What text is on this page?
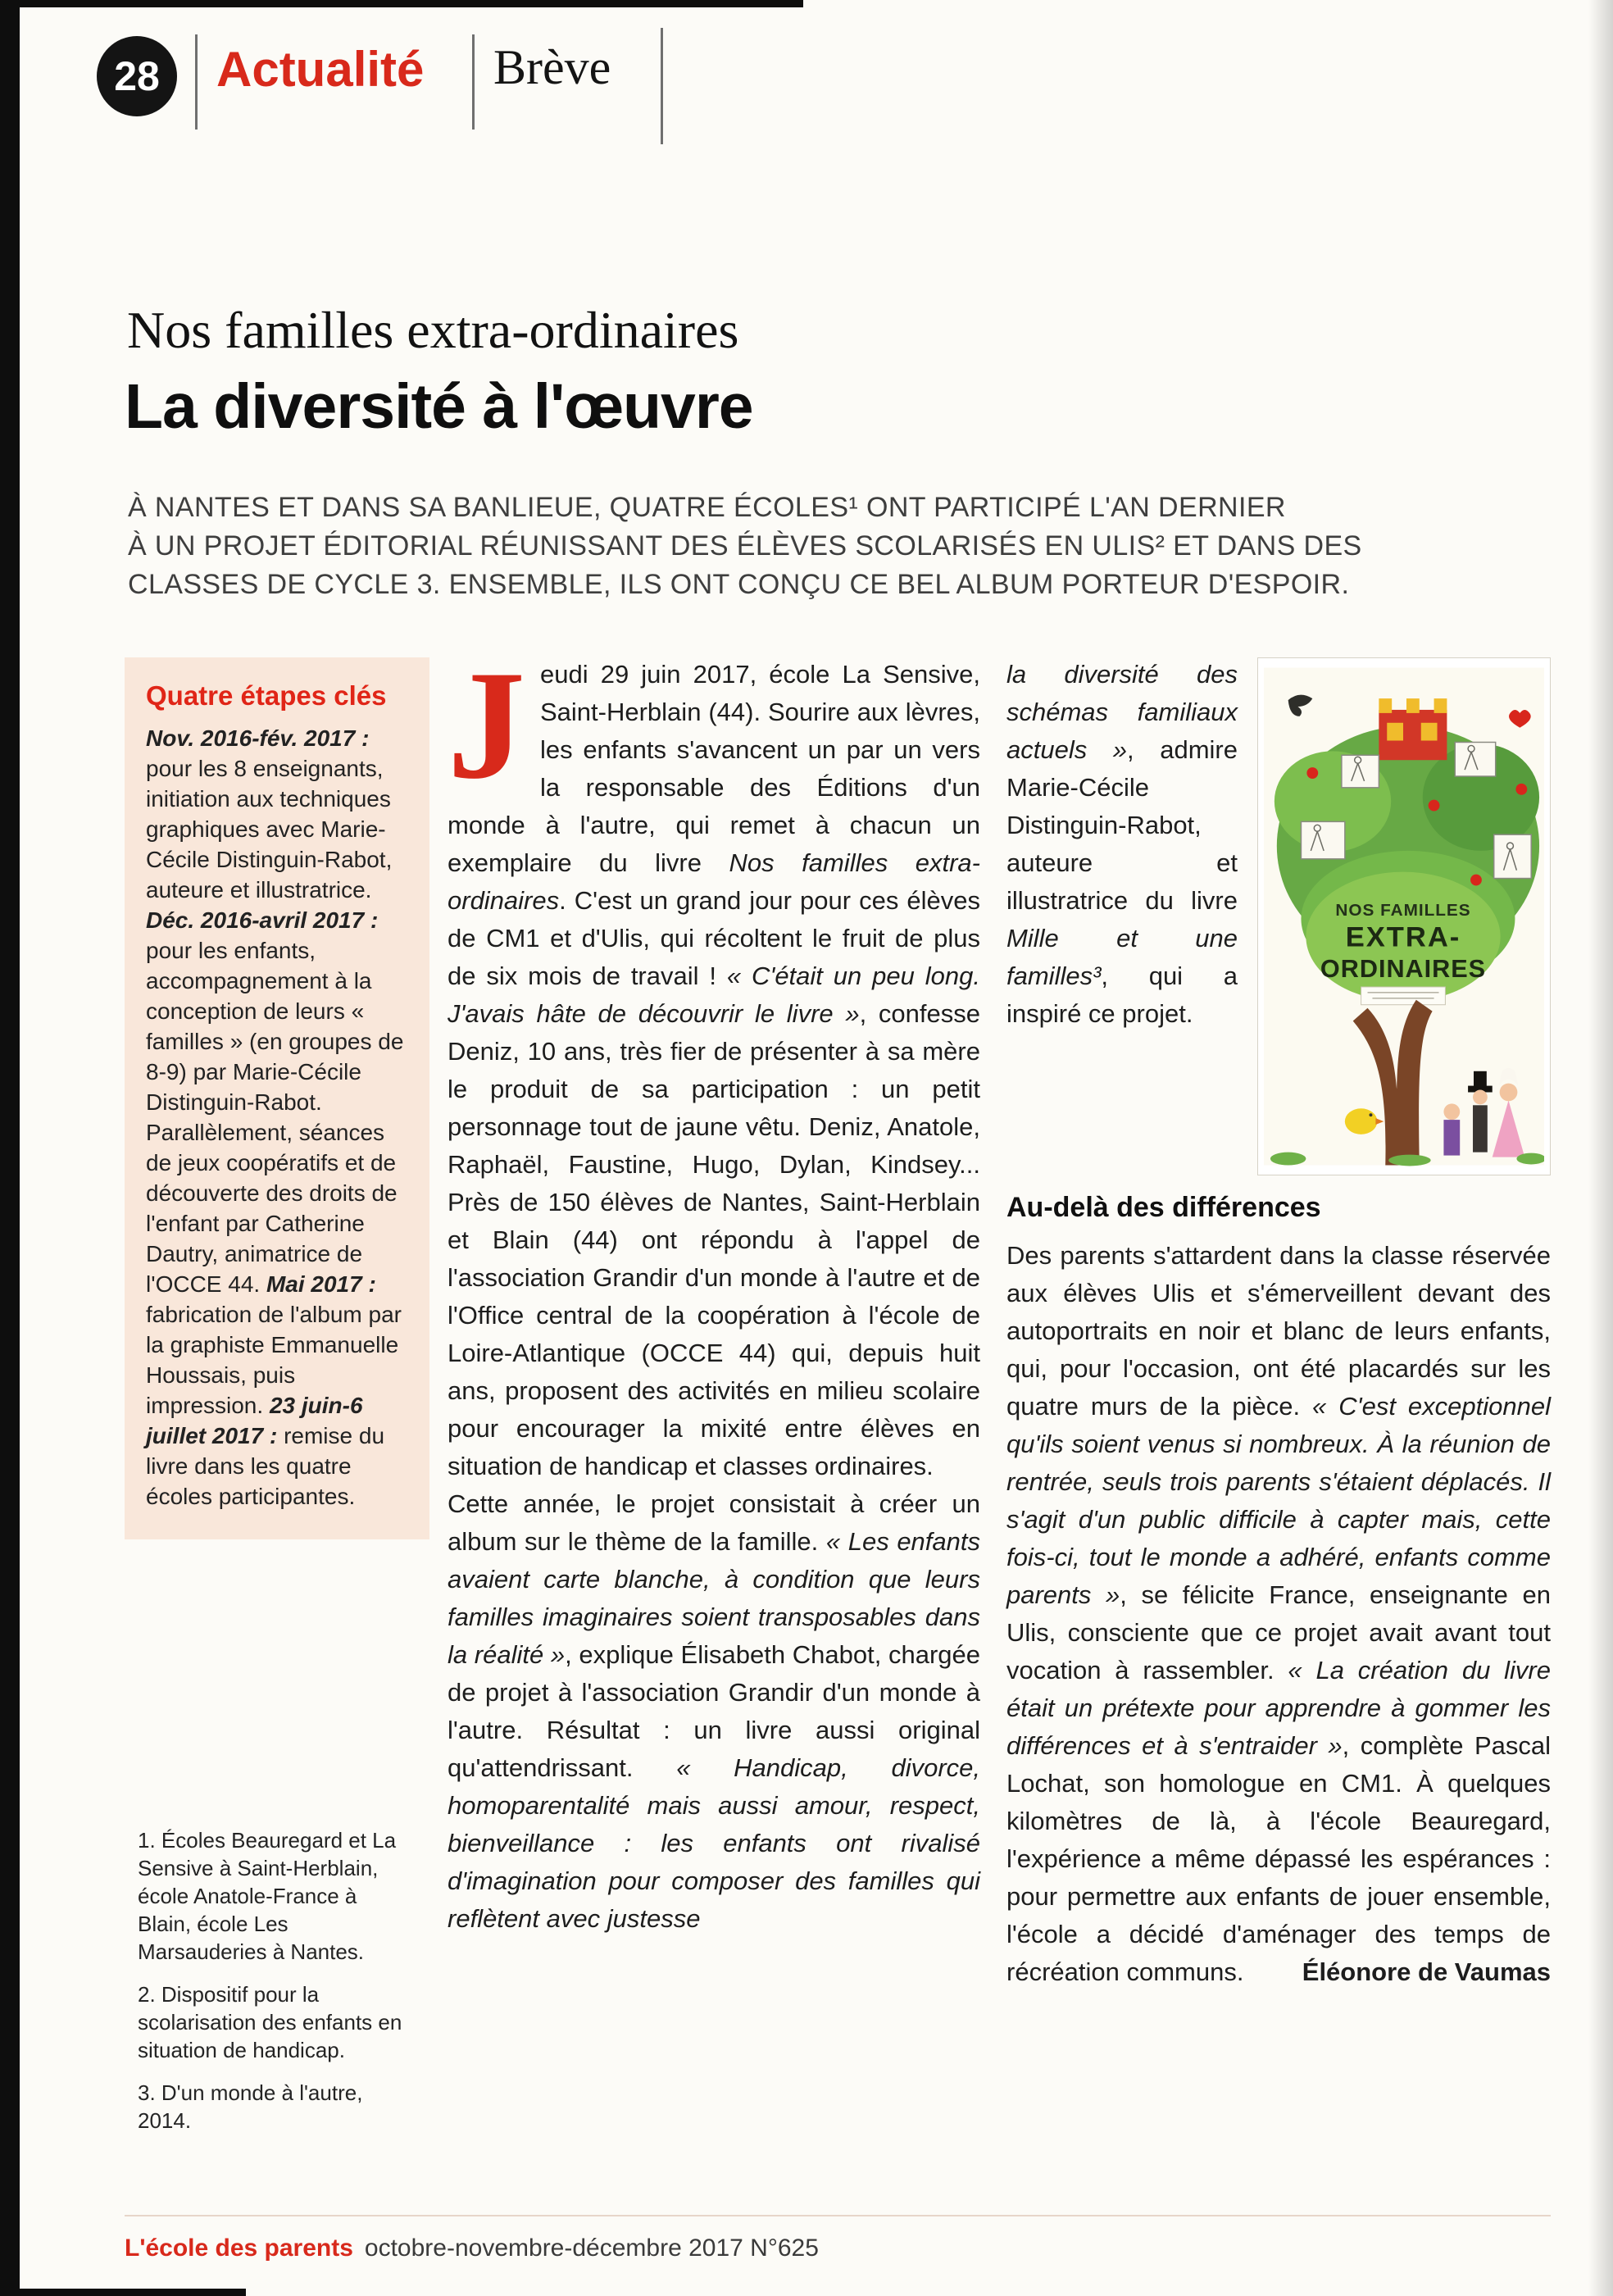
28	Actualité Brève
Nos familles extra-ordinaires
La diversité à l'œuvre
À NANTES ET DANS SA BANLIEUE, QUATRE ÉCOLES¹ ONT PARTICIPÉ L'AN DERNIER
À UN PROJET ÉDITORIAL RÉUNISSANT DES ÉLÈVES SCOLARISÉS EN ULIS² ET DANS DES
CLASSES DE CYCLE 3. ENSEMBLE, ILS ONT CONÇU CE BEL ALBUM PORTEUR D'ESPOIR.
Quatre étapes clés

Nov. 2016-fév. 2017 : pour les 8 enseignants, initiation aux techniques graphiques avec Marie-Cécile Distinguin-Rabot, auteure et illustratrice. Déc. 2016-avril 2017 : pour les enfants, accompagnement à la conception de leurs « familles » (en groupes de 8-9) par Marie-Cécile Distinguin-Rabot. Parallèlement, séances de jeux coopératifs et de découverte des droits de l'enfant par Catherine Dautry, animatrice de l'OCCE 44. Mai 2017 : fabrication de l'album par la graphiste Emmanuelle Houssais, puis impression. 23 juin-6 juillet 2017 : remise du livre dans les quatre écoles participantes.

1. Écoles Beauregard et La Sensive à Saint-Herblain, école Anatole-France à Blain, école Les Marsauderies à Nantes.

2. Dispositif pour la scolarisation des enfants en situation de handicap.

3. D'un monde à l'autre, 2014.

Jeudi 29 juin 2017, école La Sensive, Saint-Herblain (44). Sourire aux lèvres, les enfants s'avancent un par un vers la responsable des Éditions d'un monde à l'autre, qui remet à chacun un exemplaire du livre Nos familles extra-ordinaires. C'est un grand jour pour ces élèves de CM1 et d'Ulis, qui récoltent le fruit de plus de six mois de travail ! « C'était un peu long. J'avais hâte de découvrir le livre », confesse Deniz, 10 ans, très fier de présenter à sa mère le produit de sa participation : un petit personnage tout de jaune vêtu. Deniz, Anatole, Raphaël, Faustine, Hugo, Dylan, Kindsey... Près de 150 élèves de Nantes, Saint-Herblain et Blain (44) ont répondu à l'appel de l'association Grandir d'un monde à l'autre et de l'Office central de la coopération à l'école de Loire-Atlantique (OCCE 44) qui, depuis huit ans, proposent des activités en milieu scolaire pour encourager la mixité entre élèves en situation de handicap et classes ordinaires.

Cette année, le projet consistait à créer un album sur le thème de la famille. « Les enfants avaient carte blanche, à condition que leurs familles imaginaires soient transposables dans la réalité », explique Élisabeth Chabot, chargée de projet à l'association Grandir d'un monde à l'autre. Résultat : un livre aussi original qu'attendrissant. « Handicap, divorce, homoparentalité mais aussi amour, respect, bienveillance : les enfants ont rivalisé d'imagination pour composer des familles qui reflètent avec justesse

NOS FAMILLES
EXTRA-
ORDINAIRES

la diversité des schémas familiaux actuels », admire Marie-Cécile Distinguin-Rabot, auteure et illustratrice du livre Mille et une familles³, qui a inspiré ce projet.

Au-delà des différences

Des parents s'attardent dans la classe réservée aux élèves Ulis et s'émerveillent devant des autoportraits en noir et blanc de leurs enfants, qui, pour l'occasion, ont été placardés sur les quatre murs de la pièce. « C'est exceptionnel qu'ils soient venus si nombreux. À la réunion de rentrée, seuls trois parents s'étaient déplacés. Il s'agit d'un public difficile à capter mais, cette fois-ci, tout le monde a adhéré, enfants comme parents », se félicite France, enseignante en Ulis, consciente que ce projet avait avant tout vocation à rassembler. « La création du livre était un prétexte pour apprendre à gommer les différences et à s'entraider », complète Pascal Lochat, son homologue en CM1. À quelques kilomètres de là, à l'école Beauregard, l'expérience a même dépassé les espérances : pour permettre aux enfants de jouer ensemble, l'école a décidé d'aménager des temps de récréation communs. Éléonore de Vaumas

L'école des parents octobre-novembre-décembre 2017 N°625
